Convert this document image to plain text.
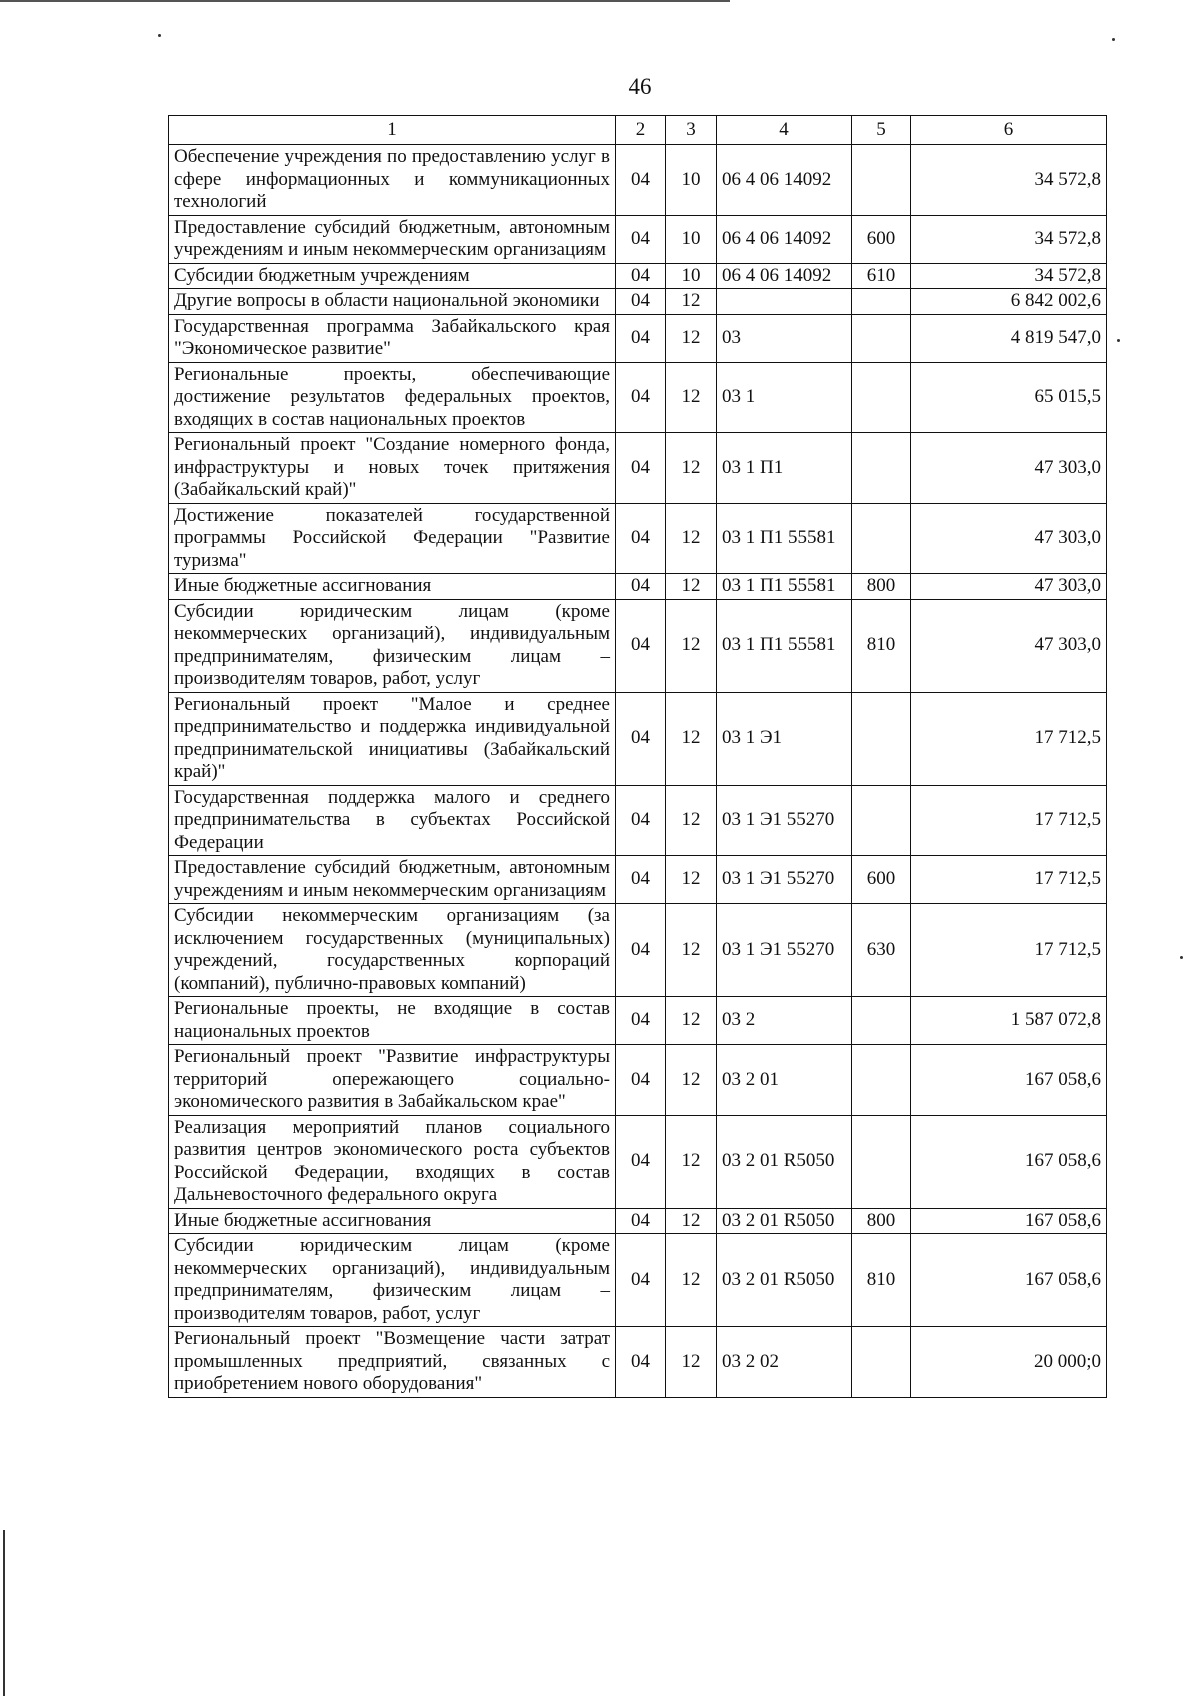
46
1	2	3	4	5	6
Обеспечение учреждения по предоставлению услуг в сфере информационных и коммуникационных технологий	04	10	06 4 06 14092		34 572,8
Предоставление субсидий бюджетным, автономным учреждениям и иным некоммерческим организациям	04	10	06 4 06 14092	600	34 572,8
Субсидии бюджетным учреждениям	04	10	06 4 06 14092	610	34 572,8
Другие вопросы в области национальной экономики	04	12			6 842 002,6
Государственная программа Забайкальского края "Экономическое развитие"	04	12	03		4 819 547,0
Региональные проекты, обеспечивающие достижение результатов федеральных проектов, входящих в состав национальных проектов	04	12	03 1		65 015,5
Региональный проект "Создание номерного фонда, инфраструктуры и новых точек притяжения (Забайкальский край)"	04	12	03 1 П1		47 303,0
Достижение показателей государственной программы Российской Федерации "Развитие туризма"	04	12	03 1 П1 55581		47 303,0
Иные бюджетные ассигнования	04	12	03 1 П1 55581	800	47 303,0
Субсидии юридическим лицам (кроме некоммерческих организаций), индивидуальным предпринимателям, физическим лицам – производителям товаров, работ, услуг	04	12	03 1 П1 55581	810	47 303,0
Региональный проект "Малое и среднее предпринимательство и поддержка индивидуальной предпринимательской инициативы (Забайкальский край)"	04	12	03 1 Э1		17 712,5
Государственная поддержка малого и среднего предпринимательства в субъектах Российской Федерации	04	12	03 1 Э1 55270		17 712,5
Предоставление субсидий бюджетным, автономным учреждениям и иным некоммерческим организациям	04	12	03 1 Э1 55270	600	17 712,5
Субсидии некоммерческим организациям (за исключением государственных (муниципальных) учреждений, государственных корпораций (компаний), публично-правовых компаний)	04	12	03 1 Э1 55270	630	17 712,5
Региональные проекты, не входящие в состав национальных проектов	04	12	03 2		1 587 072,8
Региональный проект "Развитие инфраструктуры территорий опережающего социально-экономического развития в Забайкальском крае"	04	12	03 2 01		167 058,6
Реализация мероприятий планов социального развития центров экономического роста субъектов Российской Федерации, входящих в состав Дальневосточного федерального округа	04	12	03 2 01 R5050		167 058,6
Иные бюджетные ассигнования	04	12	03 2 01 R5050	800	167 058,6
Субсидии юридическим лицам (кроме некоммерческих организаций), индивидуальным предпринимателям, физическим лицам – производителям товаров, работ, услуг	04	12	03 2 01 R5050	810	167 058,6
Региональный проект "Возмещение части затрат промышленных предприятий, связанных с приобретением нового оборудования"	04	12	03 2 02		20 000;0
